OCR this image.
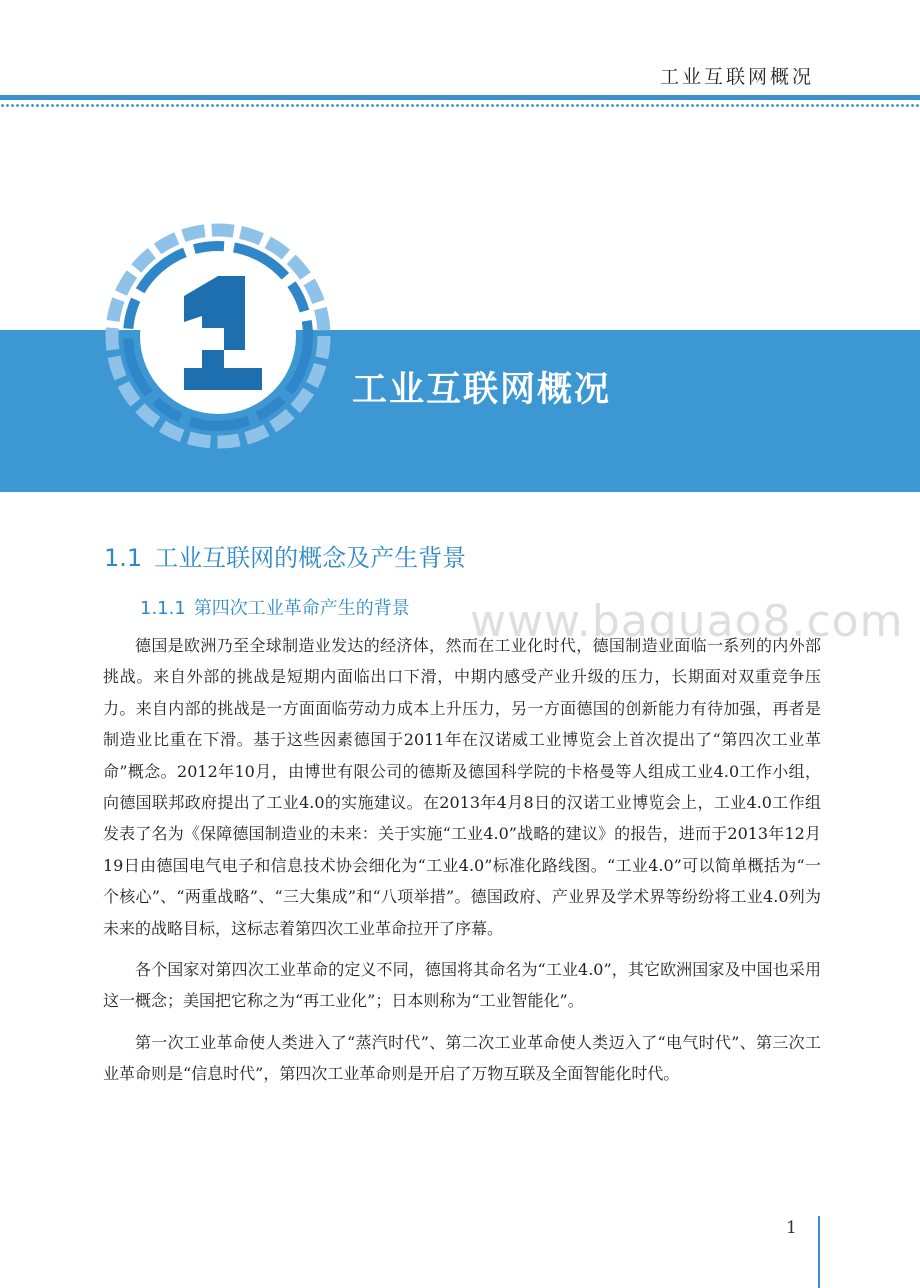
工业互联网概况
1
工业互联网概况
1.1 工业互联网的概念及产生背景
1.1.1 第四次工业革命产生的背景 www.baquao8.com

德国是欧洲乃至全球制造业发达的经济体，然而在工业化时代，德国制造业面临一系列的内外部挑战。来自外部的挑战是短期内面临出口下滑，中期内感受产业升级的压力，长期面对双重竞争压力。来自内部的挑战是一方面面临劳动力成本上升压力，另一方面德国的创新能力有待加强，再者是制造业比重在下滑。基于这些因素德国于2011年在汉诺威工业博览会上首次提出了“第四次工业革命”概念。2012年10月，由博世有限公司的德斯及德国科学院的卡格曼等人组成工业4.0工作小组，向德国联邦政府提出了工业4.0的实施建议。在2013年4月8日的汉诺工业博览会上，工业4.0工作组发表了名为《保障德国制造业的未来：关于实施“工业4.0”战略的建议》的报告，进而于2013年12月19日由德国电气电子和信息技术协会细化为“工业4.0”标准化路线图。“工业4.0”可以简单概括为“一个核心”、“两重战略”、“三大集成”和“八项举措”。德国政府、产业界及学术界等纷纷将工业4.0列为未来的战略目标，这标志着第四次工业革命拉开了序幕。

各个国家对第四次工业革命的定义不同，德国将其命名为“工业4.0”，其它欧洲国家及中国也采用这一概念；美国把它称之为“再工业化”；日本则称为“工业智能化”。

第一次工业革命使人类进入了“蒸汽时代”、第二次工业革命使人类迈入了“电气时代”、第三次工业革命则是“信息时代”，第四次工业革命则是开启了万物互联及全面智能化时代。

1
